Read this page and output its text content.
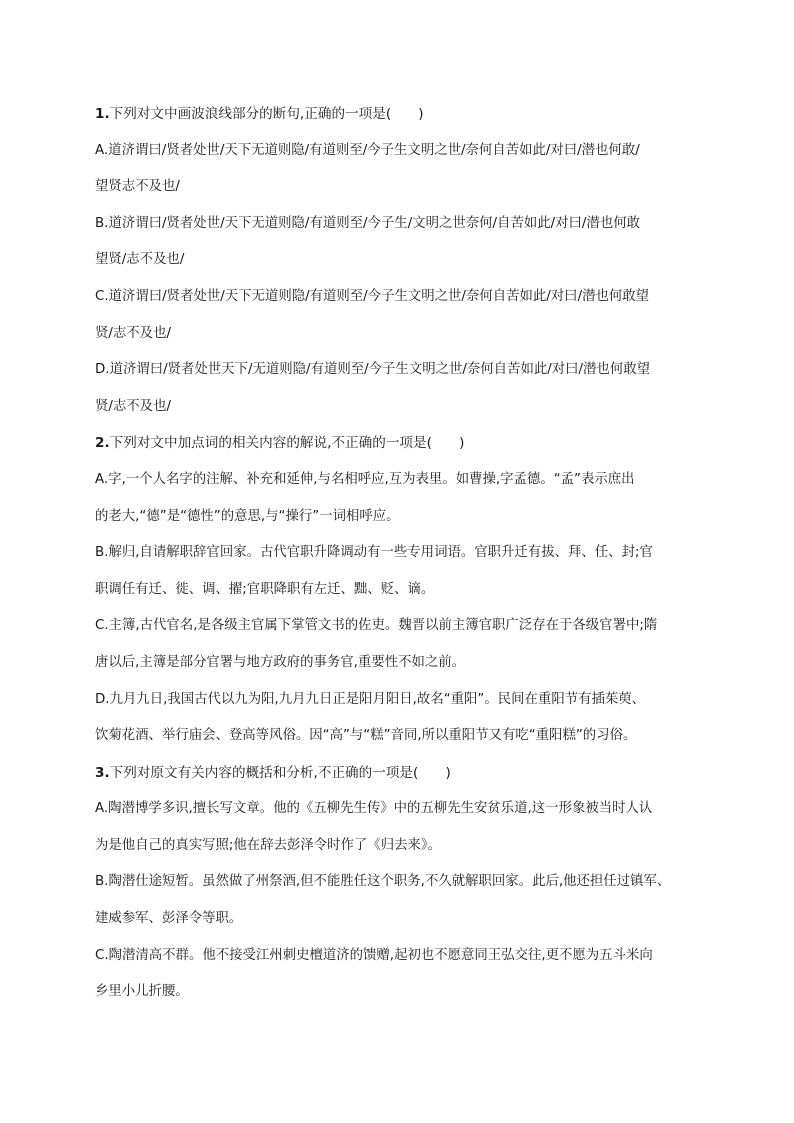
1.下列对文中画波浪线部分的断句,正确的一项是(　　)
A.道济谓曰/贤者处世/天下无道则隐/有道则至/今子生文明之世/奈何自苦如此/对曰/潜也何敢/
望贤志不及也/
B.道济谓曰/贤者处世/天下无道则隐/有道则至/今子生/文明之世奈何/自苦如此/对曰/潜也何敢
望贤/志不及也/
C.道济谓曰/贤者处世/天下无道则隐/有道则至/今子生文明之世/奈何自苦如此/对曰/潜也何敢望
贤/志不及也/
D.道济谓曰/贤者处世天下/无道则隐/有道则至/今子生文明之世/奈何自苦如此/对曰/潜也何敢望
贤/志不及也/
2.下列对文中加点词的相关内容的解说,不正确的一项是(　　)
A.字,一个人名字的注解、补充和延伸,与名相呼应,互为表里。如曹操,字孟德。“孟”表示庶出
的老大,“德”是“德性”的意思,与“操行”一词相呼应。
B.解归,自请解职辞官回家。古代官职升降调动有一些专用词语。官职升迁有拔、拜、任、封;官
职调任有迁、徙、调、擢;官职降职有左迁、黜、贬、谪。
C.主簿,古代官名,是各级主官属下掌管文书的佐吏。魏晋以前主簿官职广泛存在于各级官署中;隋
唐以后,主簿是部分官署与地方政府的事务官,重要性不如之前。
D.九月九日,我国古代以九为阳,九月九日正是阳月阳日,故名“重阳”。民间在重阳节有插茱萸、
饮菊花酒、举行庙会、登高等风俗。因“高”与“糕”音同,所以重阳节又有吃“重阳糕”的习俗。
3.下列对原文有关内容的概括和分析,不正确的一项是(　　)
A.陶潜博学多识,擅长写文章。他的《五柳先生传》中的五柳先生安贫乐道,这一形象被当时人认
为是他自己的真实写照;他在辞去彭泽令时作了《归去来》。
B.陶潜仕途短暂。虽然做了州祭酒,但不能胜任这个职务,不久就解职回家。此后,他还担任过镇军、
建威参军、彭泽令等职。
C.陶潜清高不群。他不接受江州刺史檀道济的馈赠,起初也不愿意同王弘交往,更不愿为五斗米向
乡里小儿折腰。
